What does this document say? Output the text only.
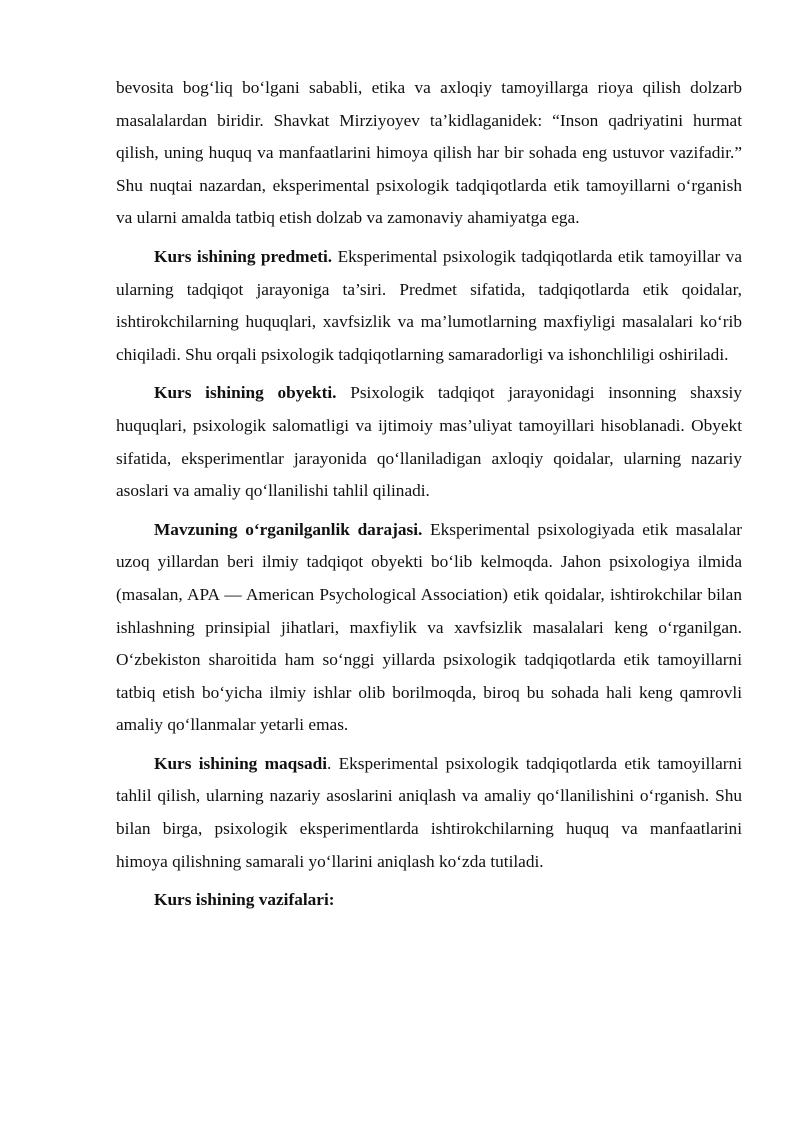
bevosita bog‘liq bo‘lgani sababli, etika va axloqiy tamoyillarga rioya qilish dolzarb masalalardan biridir. Shavkat Mirziyoyev ta’kidlaganidek: “Inson qadriyatini hurmat qilish, uning huquq va manfaatlarini himoya qilish har bir sohada eng ustuvor vazifadir.” Shu nuqtai nazardan, eksperimental psixologik tadqiqotlarda etik tamoyillarni o‘rganish va ularni amalda tatbiq etish dolzab va zamonaviy ahamiyatga ega.

Kurs ishining predmeti. Eksperimental psixologik tadqiqotlarda etik tamoyillar va ularning tadqiqot jarayoniga ta’siri. Predmet sifatida, tadqiqotlarda etik qoidalar, ishtirokchilarning huquqlari, xavfsizlik va ma’lumotlarning maxfiyligi masalalari ko‘rib chiqiladi. Shu orqali psixologik tadqiqotlarning samaradorligi va ishonchliligi oshiriladi.

Kurs ishining obyekti. Psixologik tadqiqot jarayonidagi insonning shaxsiy huquqlari, psixologik salomatligi va ijtimoiy mas’uliyat tamoyillari hisoblanadi. Obyekt sifatida, eksperimentlar jarayonida qo‘llaniladigan axloqiy qoidalar, ularning nazariy asoslari va amaliy qo‘llanilishi tahlil qilinadi.

Mavzuning o‘rganilganlik darajasi. Eksperimental psixologiyada etik masalalar uzoq yillardan beri ilmiy tadqiqot obyekti bo‘lib kelmoqda. Jahon psixologiya ilmida (masalan, APA — American Psychological Association) etik qoidalar, ishtirokchilar bilan ishlashning prinsipial jihatlari, maxfiylik va xavfsizlik masalalari keng o‘rganilgan. O‘zbekiston sharoitida ham so‘nggi yillarda psixologik tadqiqotlarda etik tamoyillarni tatbiq etish bo‘yicha ilmiy ishlar olib borilmoqda, biroq bu sohada hali keng qamrovli amaliy qo‘llanmalar yetarli emas.

Kurs ishining maqsadi. Eksperimental psixologik tadqiqotlarda etik tamoyillarni tahlil qilish, ularning nazariy asoslarini aniqlash va amaliy qo‘llanilishini o‘rganish. Shu bilan birga, psixologik eksperimentlarda ishtirokchilarning huquq va manfaatlarini himoya qilishning samarali yo‘llarini aniqlash ko‘zda tutiladi.

Kurs ishining vazifalari:
